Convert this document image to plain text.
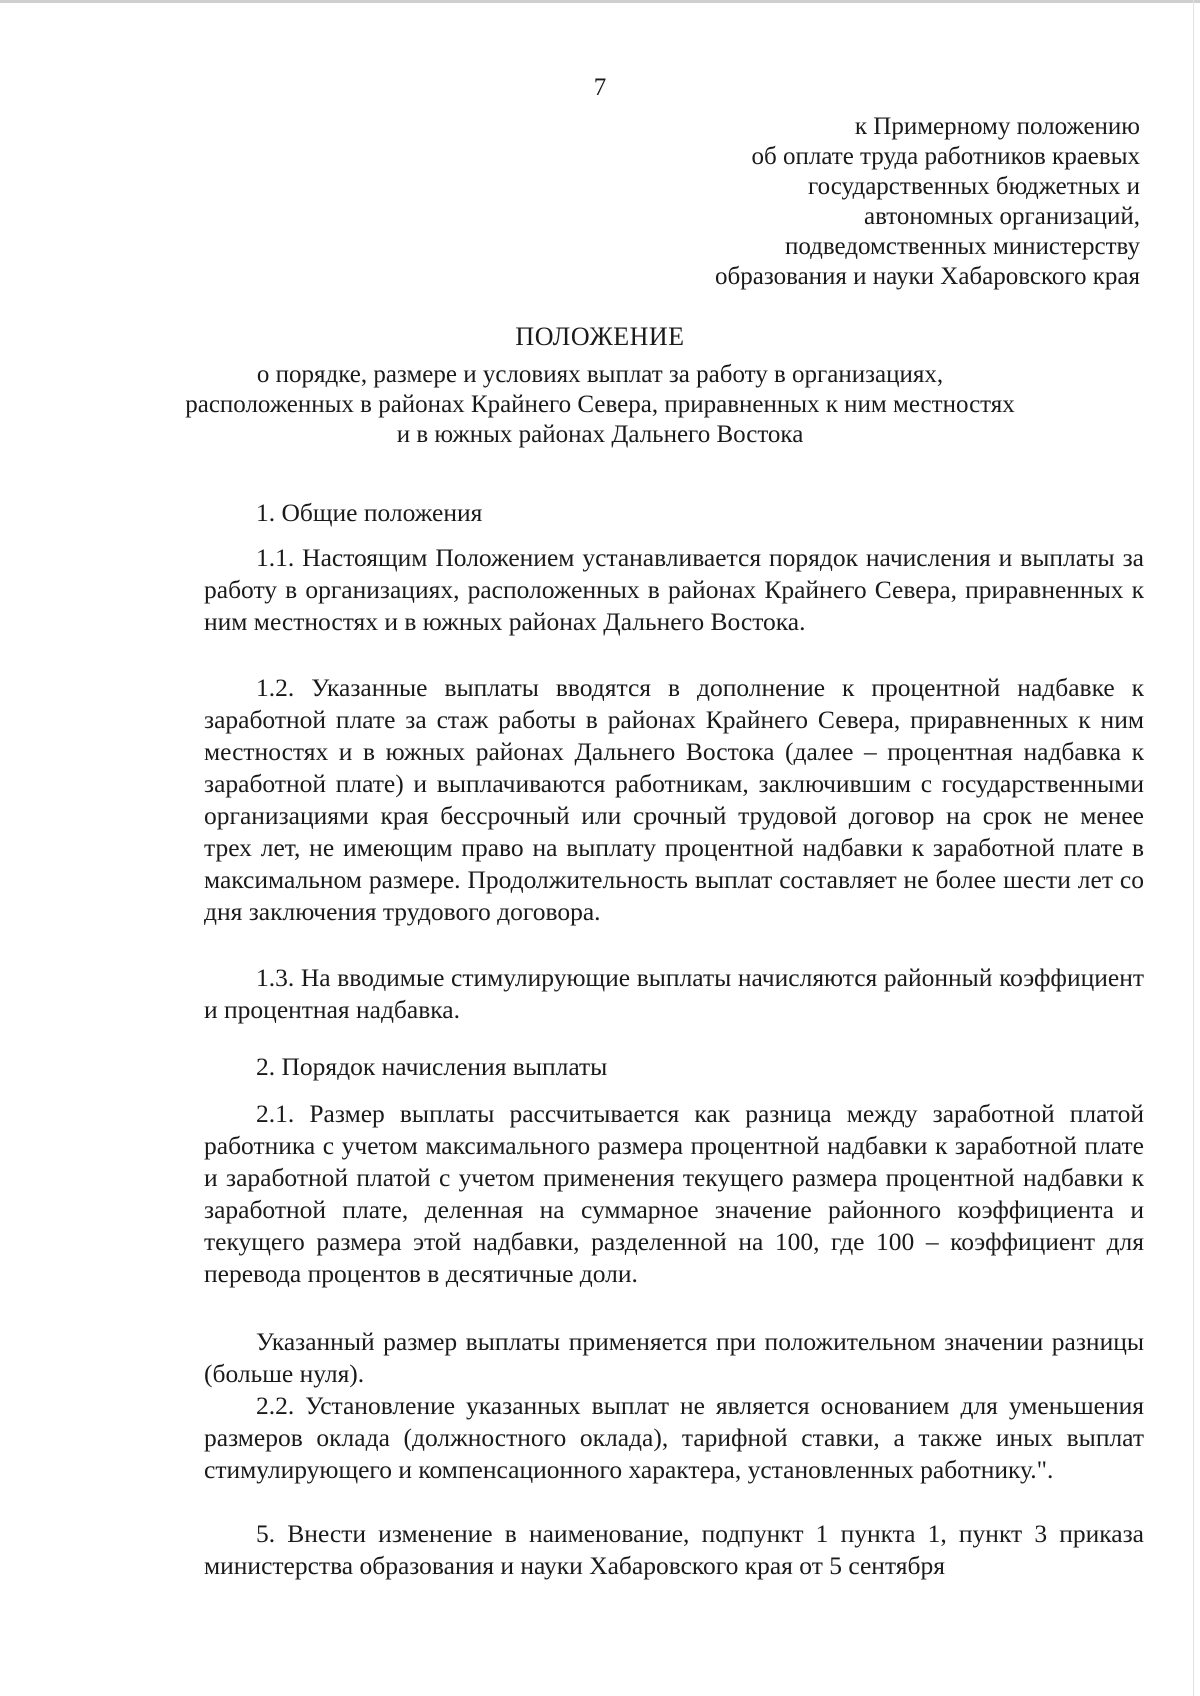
7
к Примерному положению
об оплате труда работников краевых
государственных бюджетных и
автономных организаций,
подведомственных министерству
образования и науки Хабаровского края
ПОЛОЖЕНИЕ
о порядке, размере и условиях выплат за работу в организациях,
расположенных в районах Крайнего Севера, приравненных к ним местностях
и в южных районах Дальнего Востока
1. Общие положения

1.1. Настоящим Положением устанавливается порядок начисления и выплаты за работу в организациях, расположенных в районах Крайнего Севера, приравненных к ним местностях и в южных районах Дальнего Востока.

1.2. Указанные выплаты вводятся в дополнение к процентной надбавке к заработной плате за стаж работы в районах Крайнего Севера, приравненных к ним местностях и в южных районах Дальнего Востока (далее – процентная надбавка к заработной плате) и выплачиваются работникам, заключившим с государственными организациями края бессрочный или срочный трудовой договор на срок не менее трех лет, не имеющим право на выплату процентной надбавки к заработной плате в максимальном размере. Продолжительность выплат составляет не более шести лет со дня заключения трудового договора.

1.3. На вводимые стимулирующие выплаты начисляются районный коэффициент и процентная надбавка.

2. Порядок начисления выплаты

2.1. Размер выплаты рассчитывается как разница между заработной платой работника с учетом максимального размера процентной надбавки к заработной плате и заработной платой с учетом применения текущего размера процентной надбавки к заработной плате, деленная на суммарное значение районного коэффициента и текущего размера этой надбавки, разделенной на 100, где 100 – коэффициент для перевода процентов в десятичные доли.

Указанный размер выплаты применяется при положительном значении разницы (больше нуля).

2.2. Установление указанных выплат не является основанием для уменьшения размеров оклада (должностного оклада), тарифной ставки, а также иных выплат стимулирующего и компенсационного характера, установленных работнику.".

5. Внести изменение в наименование, подпункт 1 пункта 1, пункт 3 приказа министерства образования и науки Хабаровского края от 5 сентября
